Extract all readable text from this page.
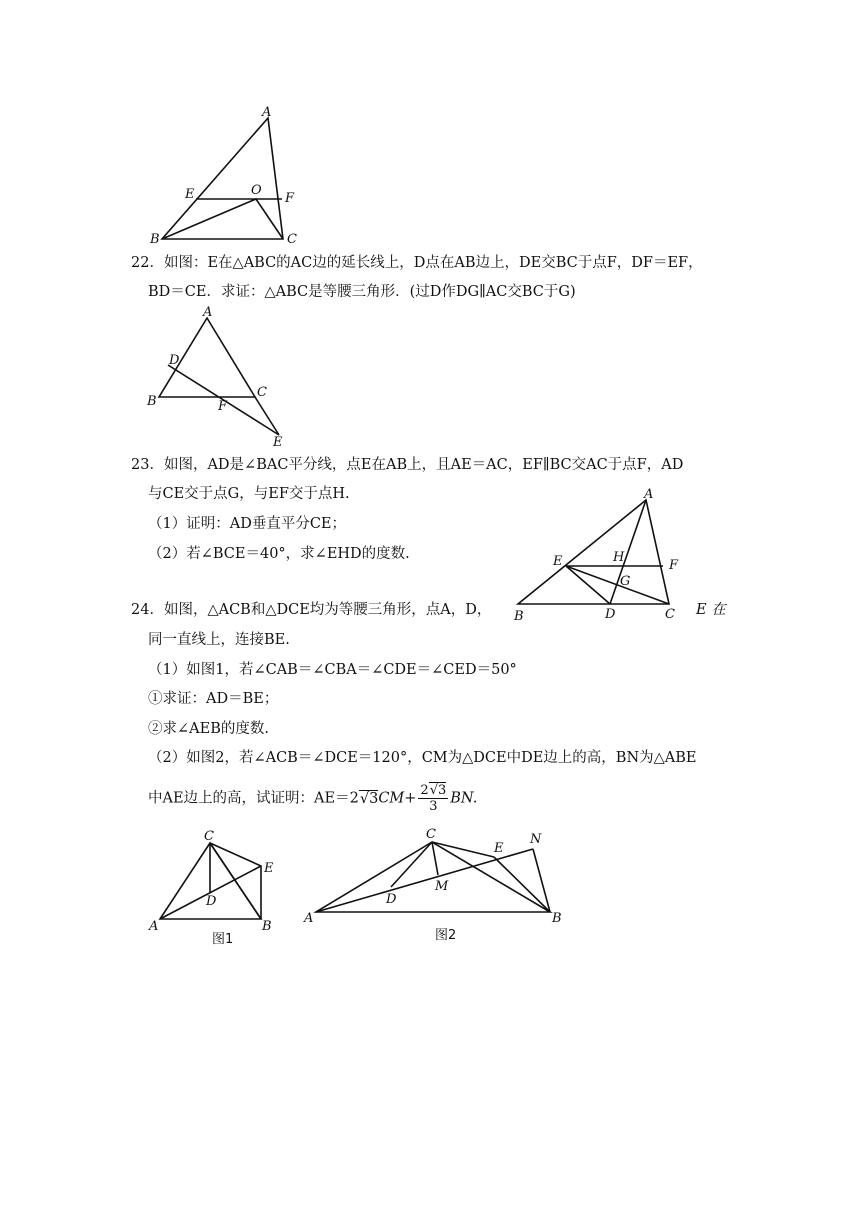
A
E	O
F
B	C
22．如图：E在△ABC的AC边的延长线上，D点在AB边上，DE交BC于点F，DF＝EF，
BD＝CE．求证：△ABC是等腰三角形．(过D作DG∥AC交BC于G)
A
D
C
B	F
E
23．如图，AD是∠BAC平分线，点E在AB上，且AE＝AC，EF∥BC交AC于点F，AD
与CE交于点G，与EF交于点H.
（1）证明：AD垂直平分CE；
（2）若∠BCE＝40°，求∠EHD的度数.
A
E	H
F
G
B	D	C
24．如图，△ACB和△DCE均为等腰三角形，点A，D，	E 在
同一直线上，连接BE.
（1）如图1，若∠CAB＝∠CBA＝∠CDE＝∠CED＝50°
①求证：AD＝BE；
②求∠AEB的度数.
（2）如图2，若∠ACB＝∠DCE＝120°，CM为△DCE中DE边上的高，BN为△ABE
中AE边上的高，试证明：$AE=2√3CM+ \frac{2√3}{3}$ BN.
C
E
D
A	B
图1
C
E
N
M
D
A	B
图2
